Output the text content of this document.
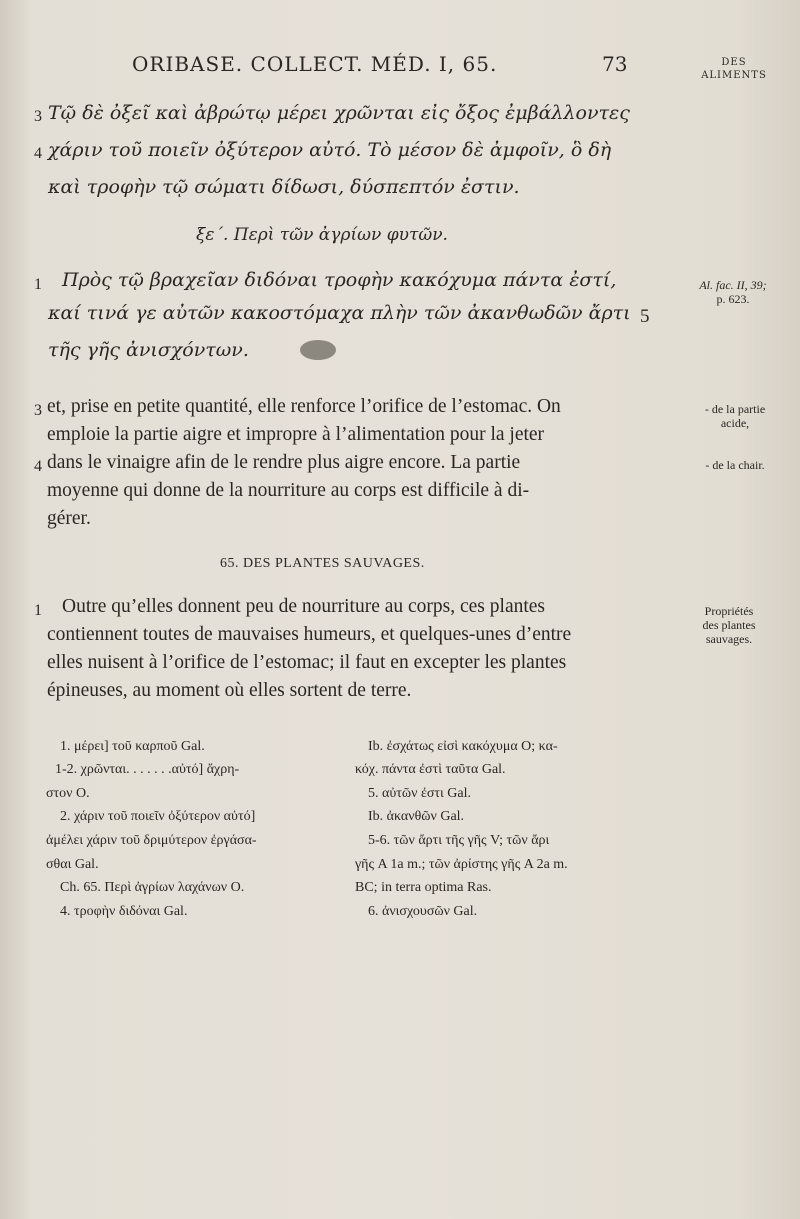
ORIBASE. COLLECT. MÉD. I, 65.	73	DES
ALIMENTS
3 Τῷ δὲ ὀξεῖ καὶ ἀβρώτῳ μέρει χρῶνται εἰς ὄξος ἐμβάλλοντες
4 χάριν τοῦ ποιεῖν ὀξύτερον αὐτό. Τὸ μέσον δὲ ἀμφοῖν, ὃ δὴ
καὶ τροφὴν τῷ σώματι δίδωσι, δύσπεπτόν ἐστιν.
ξε΄. Περὶ τῶν ἀγρίων φυτῶν.
1 Πρὸς τῷ βραχεῖαν διδόναι τροφὴν κακόχυμα πάντα ἐστί,
καί τινά γε αὐτῶν κακοστόμαχα πλὴν τῶν ἀκανθωδῶν ἄρτι 5
τῆς γῆς ἀνισχόντων.
Al. fac. II, 39;
p. 623.
3 et, prise en petite quantité, elle renforce l’orifice de l’estomac. On
emploie la partie aigre et impropre à l’alimentation pour la jeter
4 dans le vinaigre afin de le rendre plus aigre encore. La partie
moyenne qui donne de la nourriture au corps est difficile à di-
gérer.
- de la partie
acide,
- de la chair.
65. DES PLANTES SAUVAGES.
1 Outre qu’elles donnent peu de nourriture au corps, ces plantes
contiennent toutes de mauvaises humeurs, et quelques-unes d’entre
elles nuisent à l’orifice de l’estomac; il faut en excepter les plantes
épineuses, au moment où elles sortent de terre.
Propriétés
des plantes
sauvages.
1. μέρει] τοῦ καρποῦ Gal.
1-2. χρῶνται. . . . . . .αὐτό] ἄχρη-
στον O.
2. χάριν τοῦ ποιεῖν ὀξύτερον αὐτό]
ἀμέλει χάριν τοῦ δριμύτερον ἐργάσα-
σθαι Gal.
Ch. 65. Περὶ ἀγρίων λαχάνων O.
4. τροφὴν διδόναι Gal.
Ib. ἐσχάτως εἰσὶ κακόχυμα O; κα-
κόχ. πάντα ἐστὶ ταῦτα Gal.
5. αὐτῶν ἐστι Gal.
Ib. ἀκανθῶν Gal.
5-6. τῶν ἄρτι τῆς γῆς V; τῶν ἄρι
γῆς A 1a m.; τῶν ἀρίστης γῆς A 2a m.
BC; in terra optima Ras.
6. ἀνισχουσῶν Gal.
